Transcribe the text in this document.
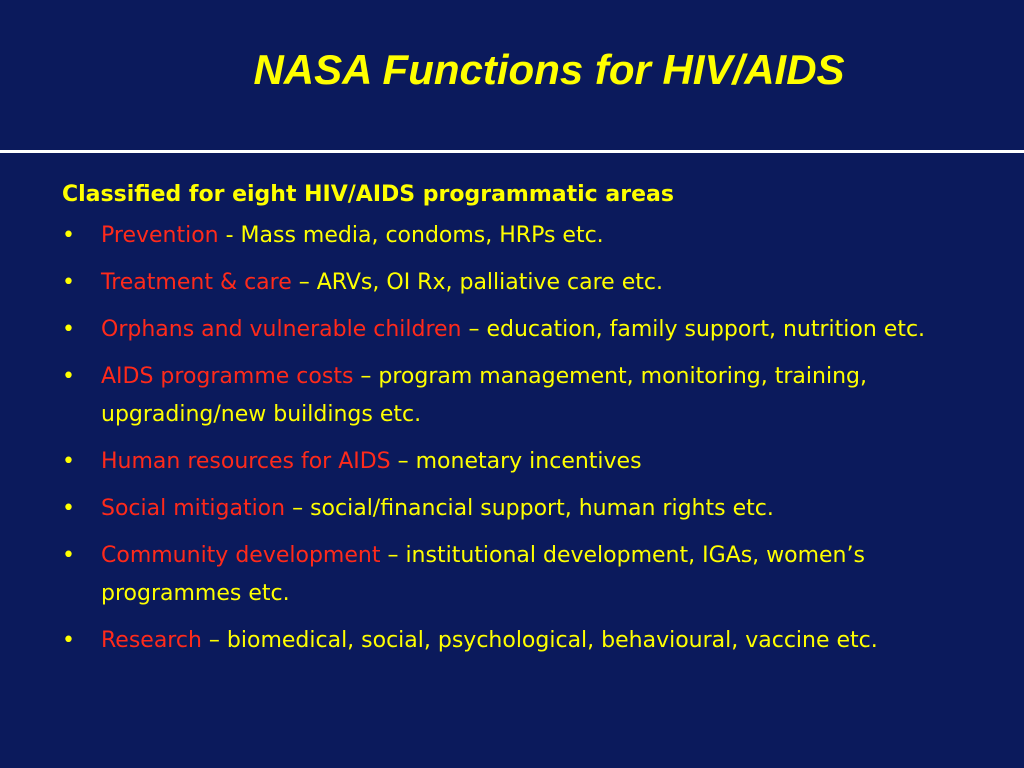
NASA Functions for HIV/AIDS
Classified for eight HIV/AIDS programmatic areas
• Prevention - Mass media, condoms, HRPs etc.
• Treatment & care – ARVs, OI Rx, palliative care etc.
• Orphans and vulnerable children – education, family support, nutrition etc.
• AIDS programme costs – program management, monitoring, training, upgrading/new buildings etc.
• Human resources for AIDS – monetary incentives
• Social mitigation – social/financial support, human rights etc.
• Community development – institutional development, IGAs, women’s programmes etc.
• Research – biomedical, social, psychological, behavioural, vaccine etc.
